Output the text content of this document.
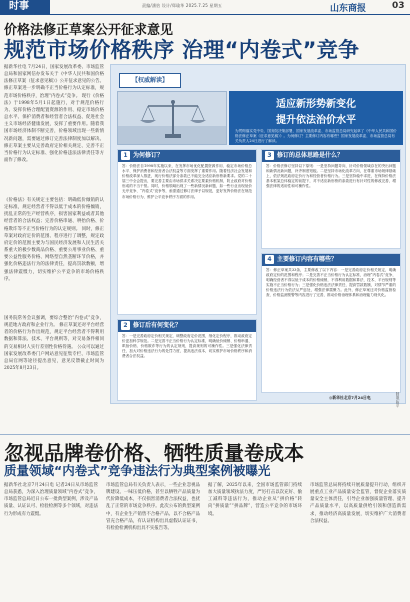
时事	责编/潘怡 设计/郑瑜华 2025.7.25 星期五	山东商报	03
价格法修正草案公开征求意见
规范市场价格秩序 治理“内卷式”竞争
据新华社电 7月24日，国家发展改革委、市场监管总局和国家网信办发布关于《中华人民共和国价格法修正草案（征求意见稿）》公开征求意见的公告。 修正草案进一步明确不正当价格行为认定标准，规范市场价格秩序，治理“内卷式”竞争。 现行《价格法》于1998年5月1日起施行，对于规范价格行为、发挥价格合理配置资源的作用、稳定市场价格总水平、保护消费者和经营者合法权益、促进社会主义市场经济健康发展，发挥了重要作用。随着我国市场经济体制不断完善，价格领域出现一些新情况新问题，需要通过修订完善法律制度加以解决。修正草案主要从完善政府定价相关规定、完善不正当价格行为认定标准、强化价格违法法律责任等方面作了修改。
《价格法》有关规定主要包括：明确低价倾销的认定标准，规定经营者不得以低于成本的价格倾销，扰乱正常的生产经营秩序，损害国家利益或者其他经营者的合法权益；完善价格串通、哄抬价格、价格欺诈等不正当价格行为的认定规则。 同时，修正草案对政府定价的范围、程序进行了调整，规定政府定价的范围主要为与国民经济发展和人民生活关系重大的极少数商品价格、重要公用事业价格、重要公益性服务价格、网络型自然垄断环节价格，并强化价格违法行为的法律责任，提高罚款数额，增强法律震慑力，切实维护公平竞争的市场价格秩序。
国务院常务会议强调，要综合整治“内卷式”竞争，规范地方政府和企业行为。 修正草案还对平台经营者的价格行为作出规范，规定平台经营者不得利用数据和算法、技术、平台规则等，对交易条件相同的交易相对人实行差别性价格待遇。 公众可以通过国家发展改革委门户网站意见征集专栏、市场监管总局官网等途径提出意见，意见反馈截止时间为2025年8月23日。
【权威解读】
适应新形势新变化
提升依法治价水平
为贯彻落实党中央、国务院决策部署，国家发展改革委、市场监管总局研究起草了《中华人民共和国价格法修正草案（征求意见稿）》。为何修订？主要修订内容有哪些？国家发展改革委、市场监管总局有关负责人24日进行了解读。
1 为何修订？
答：价格法自1998年实施以来，在发挥市场优化配置资源作用、稳定市场价格总水平、保护消费者和经营者合法权益等方面发挥了重要作用。随着经济社会发展和价格改革深入推进，现行价格法部分条款已不能完全适应新形势新要求。党的二十届三中全会提出，要完善主要由市场供求关系决定要素价格机制，防止政府对价格形成的不当干预。同时，价格领域出现了一些新情况新问题，如一些行业出现低价无序竞争、“内卷式”竞争等，亟需通过修订法律予以规范，更好发挥价格法在规范市场价格行为、维护公平竞争秩序方面的作用。
2 修订后有何变化？
答：一是完善政府定价相关规定，调整政府定价范围，细化定价程序，推动政府定价更加科学规范。二是完善不正当价格行为认定标准，明确低价倾销、价格串通、哄抬价格、价格欺诈等行为的认定规则，提高规则的可操作性。三是强化法律责任，加大对价格违法行为的处罚力度，提高违法成本，切实维护市场价格秩序和消费者合法权益。
3 修订的总体思路是什么？
答：价格法修订坚持以下原则：一是坚持问题导向，针对价格领域存在的突出问题和新情况新问题，补齐制度短板。二是坚持市场化改革方向，在尊重市场规律基础上，依法规范政府定价行为和经营者价格行为。三是坚持稳中求进，在保持价格法基本框架总体稳定的前提下，对不适应新形势的条款进行有针对性的修改完善，增强法律的适用性和可操作性。
4 主要修订内容有哪些？
答：修正草案共33条，主要修改了以下内容：一是完善政府定价相关规定，明确政府定价的范围和程序；二是完善不正当价格行为认定标准，治理“内卷式”竞争，明确经营者不得以低于成本的价格倾销，不得利用数据和算法、技术、平台规则等实施不正当价格行为；三是强化价格违法法律责任，提高罚款数额，对情节严重的价格违法行为依法从严惩处，增强法律震慑力。此外，修正草案还对价格监督检查、价格监测预警等内容进行了完善，推动价格治理体系和治理能力现代化。
◎新华社北京7月24日电	制图/陈平
忽视品牌卷价格、牺牲质量卷成本
质量领域“内卷式”竞争违法行为典型案例被曝光
据新华社北京7月24日电 记者24日从市场监管总局获悉，为深入治理质量领域“内卷式”竞争，市场监管总局近日公布一批典型案例，涉及产品质量、认证认可、检验检测等多个领域，对违法行为形成有力震慑。
市场监管总局有关负责人表示，一些企业忽视品牌建设、一味压低价格，甚至以牺牲产品质量为代价降低成本，不仅损害消费者合法权益，也扰乱了正常的市场竞争秩序。此次公布的典型案例中，有企业生产销售不合格产品、以不合格产品冒充合格产品，有认证机构出具虚假认证证书，有检验检测机构出具不实报告等。
据了解，2025年以来，全国市场监管部门持续加大质量领域执法力度，严厉打击以次充好、偷工减料等违法行为，推动企业从“拼价格”转向“拼质量”“拼品牌”，营造公平竞争的市场环境。
市场监管总局将持续开展质量提升行动，组织开展重点工业产品质量安全监管，督促企业落实质量安全主体责任，引导企业加强质量管理、提升产品质量水平，以高质量供给引领和创造新需求，推动经济高质量发展，切实维护广大消费者合法权益。
